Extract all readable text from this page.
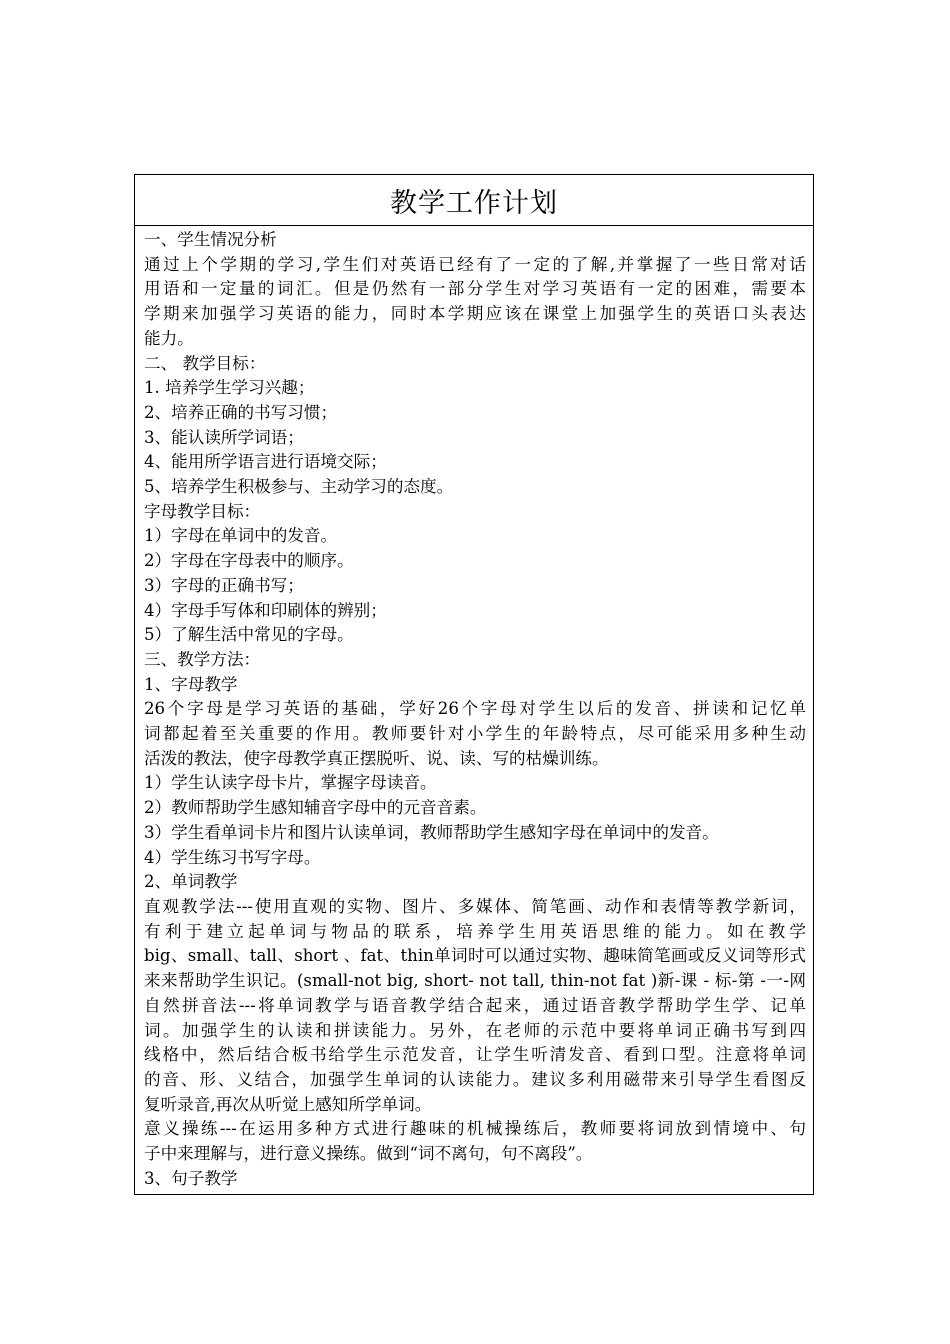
教学工作计划
一、学生情况分析
通过上个学期的学习,学生们对英语已经有了一定的了解,并掌握了一些日常对话
用语和一定量的词汇。但是仍然有一部分学生对学习英语有一定的困难，需要本
学期来加强学习英语的能力，同时本学期应该在课堂上加强学生的英语口头表达
能力。
二、 教学目标：
1. 培养学生学习兴趣；
2、培养正确的书写习惯；
3、能认读所学词语；
4、能用所学语言进行语境交际；
5、培养学生积极参与、主动学习的态度。
字母教学目标：
1）字母在单词中的发音。
2）字母在字母表中的顺序。
3）字母的正确书写；
4）字母手写体和印刷体的辨别；
5）了解生活中常见的字母。
三、教学方法：
1、字母教学
26个字母是学习英语的基础，学好26个字母对学生以后的发音、拼读和记忆单
词都起着至关重要的作用。教师要针对小学生的年龄特点，尽可能采用多种生动
活泼的教法，使字母教学真正摆脱听、说、读、写的枯燥训练。
1）学生认读字母卡片，掌握字母读音。
2）教师帮助学生感知辅音字母中的元音音素。
3）学生看单词卡片和图片认读单词，教师帮助学生感知字母在单词中的发音。
4）学生练习书写字母。
2、单词教学
直观教学法---使用直观的实物、图片、多媒体、简笔画、动作和表情等教学新词，
有利于建立起单词与物品的联系，培养学生用英语思维的能力。如在教学
big、small、tall、short 、fat、thin单词时可以通过实物、趣味简笔画或反义词等形式
来来帮助学生识记。(small-not big, short- not tall, thin-not fat )新-课 - 标-第 -一-网
自然拼音法---将单词教学与语音教学结合起来，通过语音教学帮助学生学、记单
词。加强学生的认读和拼读能力。另外，在老师的示范中要将单词正确书写到四
线格中，然后结合板书给学生示范发音，让学生听清发音、看到口型。注意将单词
的音、形、义结合，加强学生单词的认读能力。建议多利用磁带来引导学生看图反
复听录音,再次从听觉上感知所学单词。
意义操练---在运用多种方式进行趣味的机械操练后，教师要将词放到情境中、句
子中来理解与，进行意义操练。做到“词不离句，句不离段”。
3、句子教学
